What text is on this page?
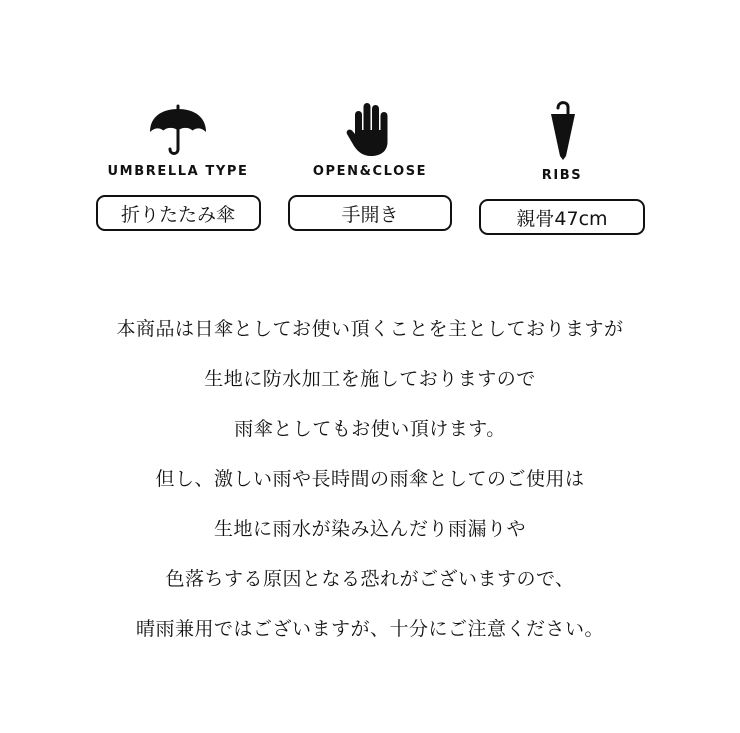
UMBRELLA TYPE
折りたたみ傘
OPEN&CLOSE
手開き
RIBS
親骨47cm

本商品は日傘としてお使い頂くことを主としておりますが

生地に防水加工を施しておりますので

雨傘としてもお使い頂けます。

但し、激しい雨や長時間の雨傘としてのご使用は

生地に雨水が染み込んだり雨漏りや

色落ちする原因となる恐れがございますので、

晴雨兼用ではございますが、十分にご注意ください。
